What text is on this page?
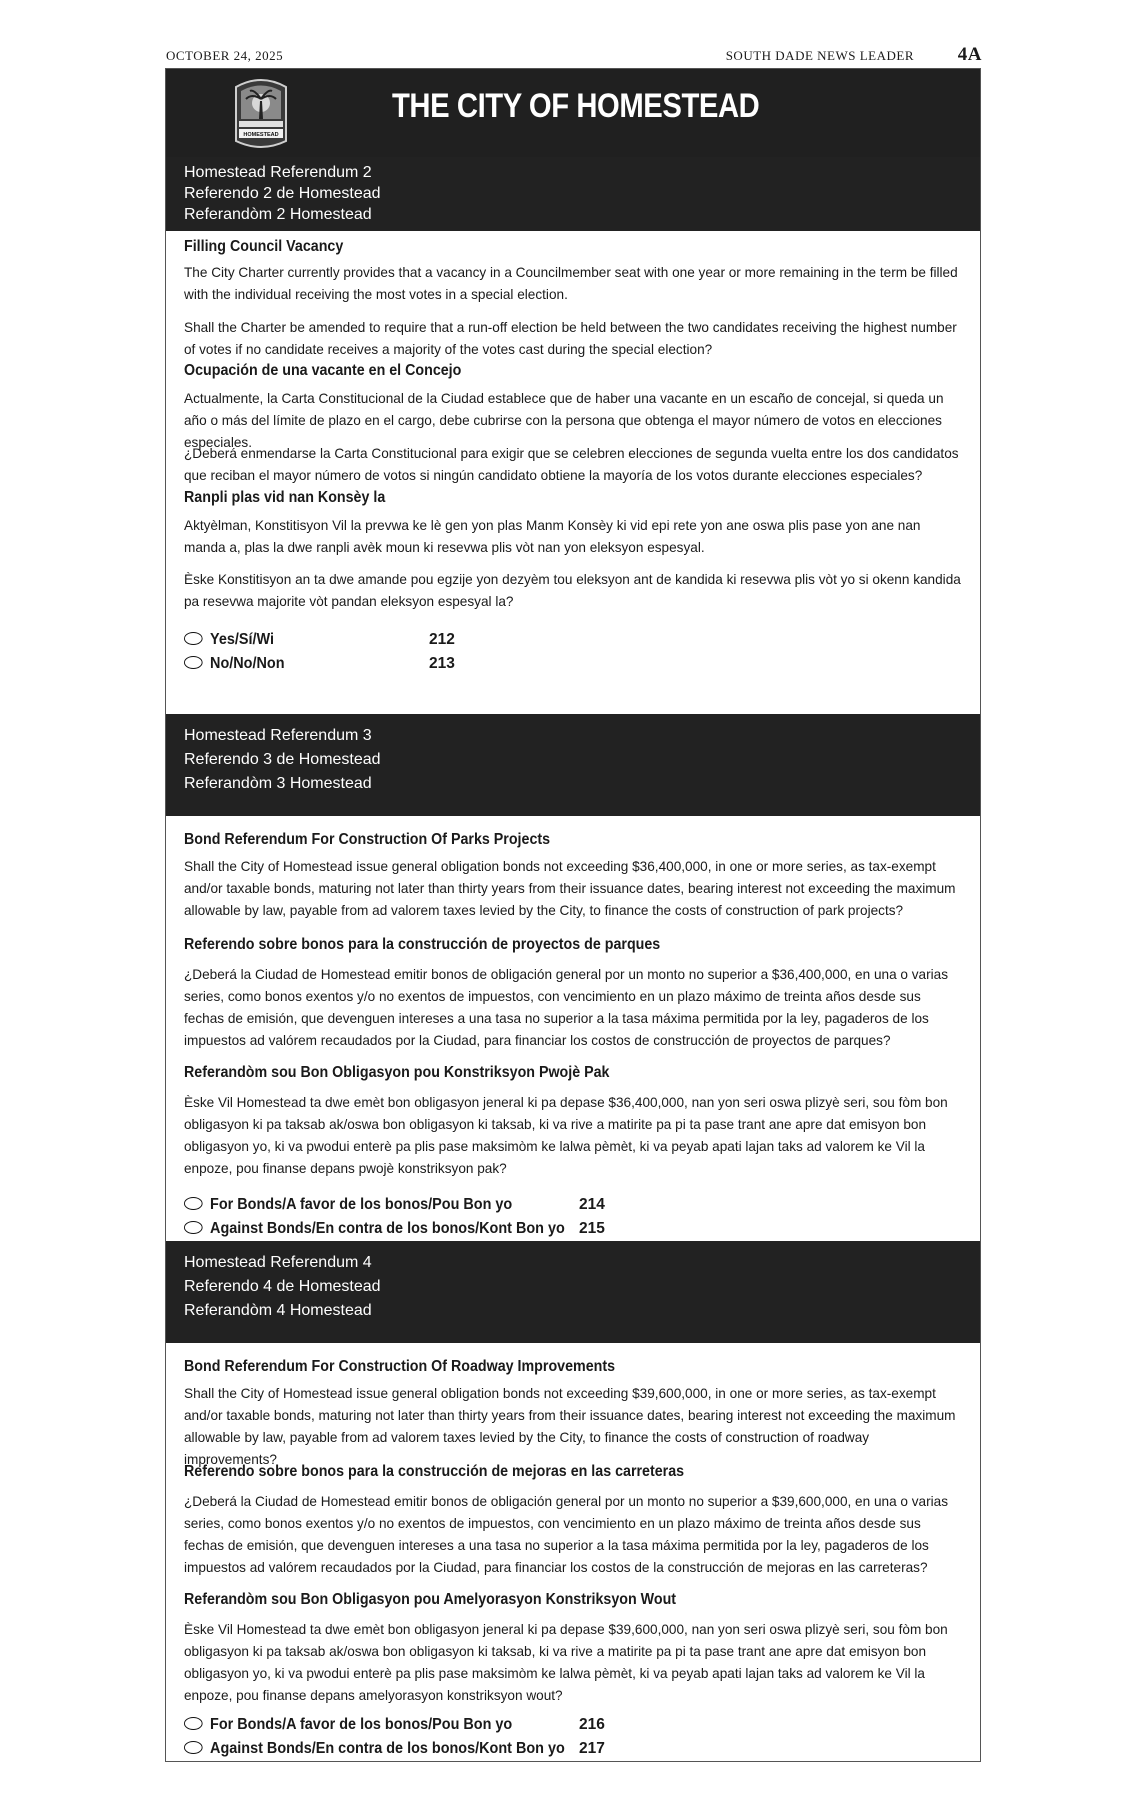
OCTOBER 24, 2025	SOUTH DADE NEWS LEADER 4A
HOMESTEAD
THE CITY OF HOMESTEAD
Homestead Referendum 2
Referendo 2 de Homestead
Referandòm 2 Homestead
Filling Council Vacancy
The City Charter currently provides that a vacancy in a Councilmember seat with one year or more remaining in the term be filled with the individual receiving the most votes in a special election.
Shall the Charter be amended to require that a run-off election be held between the two candidates receiving the highest number of votes if no candidate receives a majority of the votes cast during the special election?
Ocupación de una vacante en el Concejo
Actualmente, la Carta Constitucional de la Ciudad establece que de haber una vacante en un escaño de concejal, si queda un año o más del límite de plazo en el cargo, debe cubrirse con la persona que obtenga el mayor número de votos en elecciones especiales.
¿Deberá enmendarse la Carta Constitucional para exigir que se celebren elecciones de segunda vuelta entre los dos candidatos que reciban el mayor número de votos si ningún candidato obtiene la mayoría de los votos durante elecciones especiales?
Ranpli plas vid nan Konsèy la
Aktyèlman, Konstitisyon Vil la prevwa ke lè gen yon plas Manm Konsèy ki vid epi rete yon ane oswa plis pase yon ane nan manda a, plas la dwe ranpli avèk moun ki resevwa plis vòt nan yon eleksyon espesyal.
Èske Konstitisyon an ta dwe amande pou egzije yon dezyèm tou eleksyon ant de kandida ki resevwa plis vòt yo si okenn kandida pa resevwa majorite vòt pandan eleksyon espesyal la?
Yes/Sí/Wi	212
No/No/Non	213
Homestead Referendum 3
Referendo 3 de Homestead
Referandòm 3 Homestead
Bond Referendum For Construction Of Parks Projects
Shall the City of Homestead issue general obligation bonds not exceeding $36,400,000, in one or more series, as tax-exempt and/or taxable bonds, maturing not later than thirty years from their issuance dates, bearing interest not exceeding the maximum allowable by law, payable from ad valorem taxes levied by the City, to finance the costs of construction of park projects?
Referendo sobre bonos para la construcción de proyectos de parques
¿Deberá la Ciudad de Homestead emitir bonos de obligación general por un monto no superior a $36,400,000, en una o varias series, como bonos exentos y/o no exentos de impuestos, con vencimiento en un plazo máximo de treinta años desde sus fechas de emisión, que devenguen intereses a una tasa no superior a la tasa máxima permitida por la ley, pagaderos de los impuestos ad valórem recaudados por la Ciudad, para financiar los costos de construcción de proyectos de parques?
Referandòm sou Bon Obligasyon pou Konstriksyon Pwojè Pak
Èske Vil Homestead ta dwe emèt bon obligasyon jeneral ki pa depase $36,400,000, nan yon seri oswa plizyè seri, sou fòm bon obligasyon ki pa taksab ak/oswa bon obligasyon ki taksab, ki va rive a matirite pa pi ta pase trant ane apre dat emisyon bon obligasyon yo, ki va pwodui enterè pa plis pase maksimòm ke lalwa pèmèt, ki va peyab apati lajan taks ad valorem ke Vil la enpoze, pou finanse depans pwojè konstriksyon pak?
For Bonds/A favor de los bonos/Pou Bon yo	214
Against Bonds/En contra de los bonos/Kont Bon yo 215
Homestead Referendum 4
Referendo 4 de Homestead
Referandòm 4 Homestead
Bond Referendum For Construction Of Roadway Improvements
Shall the City of Homestead issue general obligation bonds not exceeding $39,600,000, in one or more series, as tax-exempt and/or taxable bonds, maturing not later than thirty years from their issuance dates, bearing interest not exceeding the maximum allowable by law, payable from ad valorem taxes levied by the City, to finance the costs of construction of roadway improvements?
Referendo sobre bonos para la construcción de mejoras en las carreteras
¿Deberá la Ciudad de Homestead emitir bonos de obligación general por un monto no superior a $39,600,000, en una o varias series, como bonos exentos y/o no exentos de impuestos, con vencimiento en un plazo máximo de treinta años desde sus fechas de emisión, que devenguen intereses a una tasa no superior a la tasa máxima permitida por la ley, pagaderos de los impuestos ad valórem recaudados por la Ciudad, para financiar los costos de la construcción de mejoras en las carreteras?
Referandòm sou Bon Obligasyon pou Amelyorasyon Konstriksyon Wout
Èske Vil Homestead ta dwe emèt bon obligasyon jeneral ki pa depase $39,600,000, nan yon seri oswa plizyè seri, sou fòm bon obligasyon ki pa taksab ak/oswa bon obligasyon ki taksab, ki va rive a matirite pa pi ta pase trant ane apre dat emisyon bon obligasyon yo, ki va pwodui enterè pa plis pase maksimòm ke lalwa pèmèt, ki va peyab apati lajan taks ad valorem ke Vil la enpoze, pou finanse depans amelyorasyon konstriksyon wout?
For Bonds/A favor de los bonos/Pou Bon yo	216
Against Bonds/En contra de los bonos/Kont Bon yo 217
